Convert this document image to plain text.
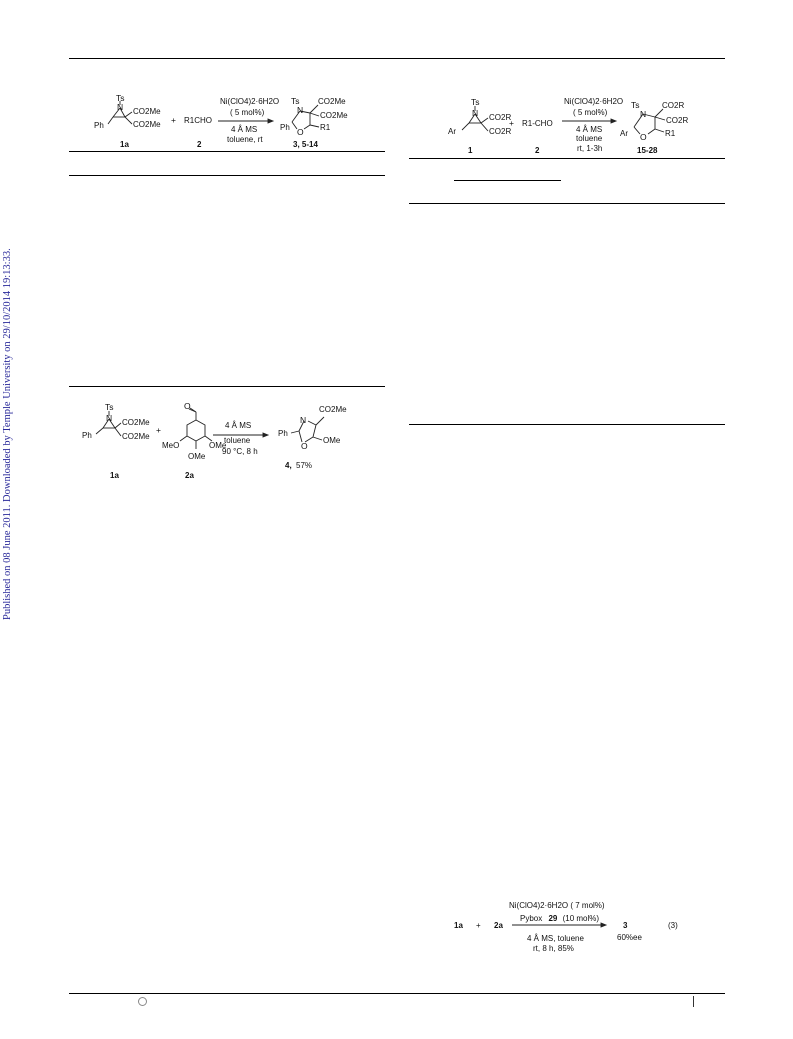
Published on 08 June 2011. Downloaded by Temple University on 29/10/2014 19:13:33.
Ts
N CO2Me
CO2Me
Ph
+ R1CHO
Ni(ClO4)2·6H2O
( 5 mol%)
4 Å MS
toluene, rt
Ts
N
CO2Me
CO2Me
Ph O R1
1a	2	3, 5-14
Ts
N CO2R
CO2R
Ar
+ R1-CHO
Ni(ClO4)2·6H2O
( 5 mol%)
4 Å MS
toluene
rt, 1-3h
Ts
N
CO2R
CO2R
Ar O R1
1	2	15-28
Ts
N CO2Me
CO2Me
Ph
+
O
MeO
OMe
OMe
4 Å MS
toluene
90 °C, 8 h
CO2Me
N
Ph
O
OMe
1a	2a
4, 57%
1a + 2a
Ni(ClO4)2·6H2O ( 7 mol%)
Pybox 29 (10 mol%)
4 Å MS, toluene
rt, 8 h, 85%
3
60%ee
(3)
